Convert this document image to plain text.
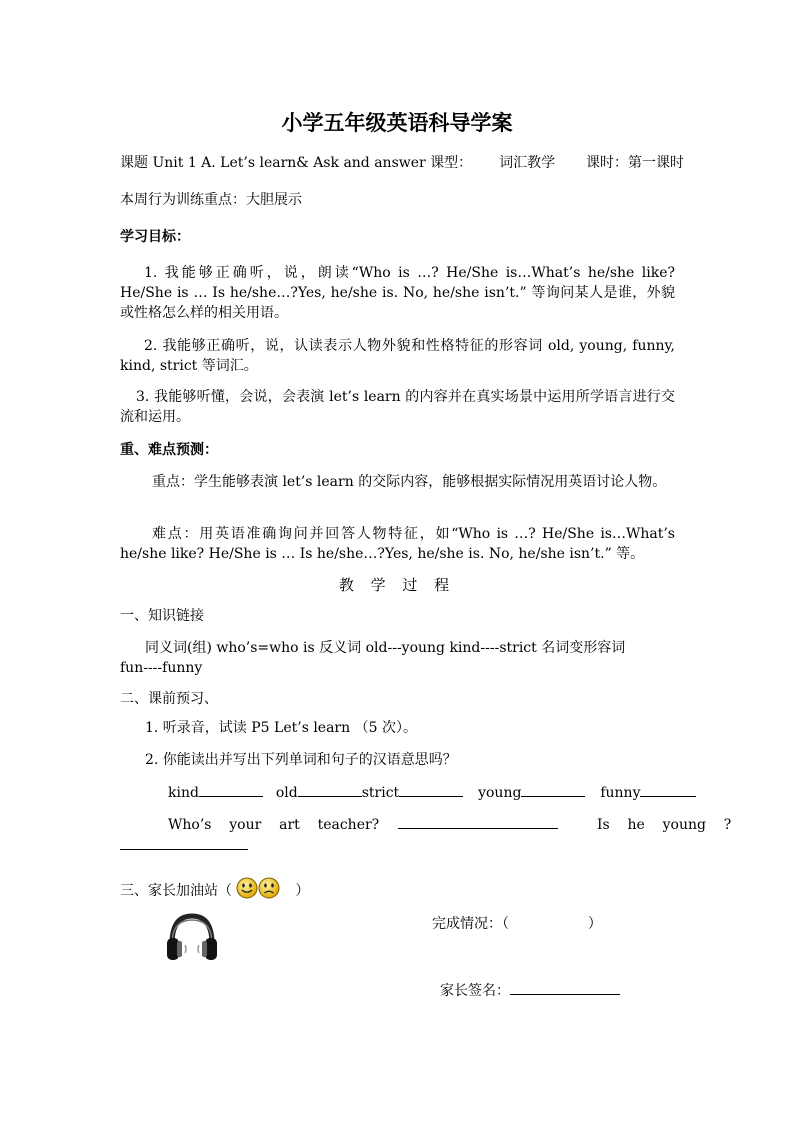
小学五年级英语科导学案
课题 Unit 1 A. Let’s learn& Ask and answer 课型： 词汇教学 课时：第一课时
本周行为训练重点：大胆展示
学习目标：
1. 我能够正确听，说，朗读“Who is …? He/She is…What’s he/she like? He/She is … Is he/she…?Yes, he/she is. No, he/she isn’t.” 等询问某人是谁，外貌或性格怎么样的相关用语。
2. 我能够正确听，说，认读表示人物外貌和性格特征的形容词 old, young, funny, kind, strict 等词汇。
3. 我能够听懂，会说，会表演 let’s learn 的内容并在真实场景中运用所学语言进行交流和运用。
重、难点预测：
重点：学生能够表演 let’s learn 的交际内容，能够根据实际情况用英语讨论人物。
难点：用英语准确询问并回答人物特征，如“Who is …? He/She is…What’s he/she like? He/She is … Is he/she…?Yes, he/she is. No, he/she isn’t.” 等。
教 学 过 程
一、知识链接
同义词(组) who’s=who is 反义词 old---young kind----strict 名词变形容词
fun----funny
二、课前预习、
1. 听录音，试读 P5 Let’s learn （5 次）。
2. 你能读出并写出下列单词和句子的汉语意思吗？
kind	old	strict	young	funny
Who’s    your    art    teacher?	Is    he    young    ?
三、家长加油站（	）
完成情况：（	）
家长签名：
